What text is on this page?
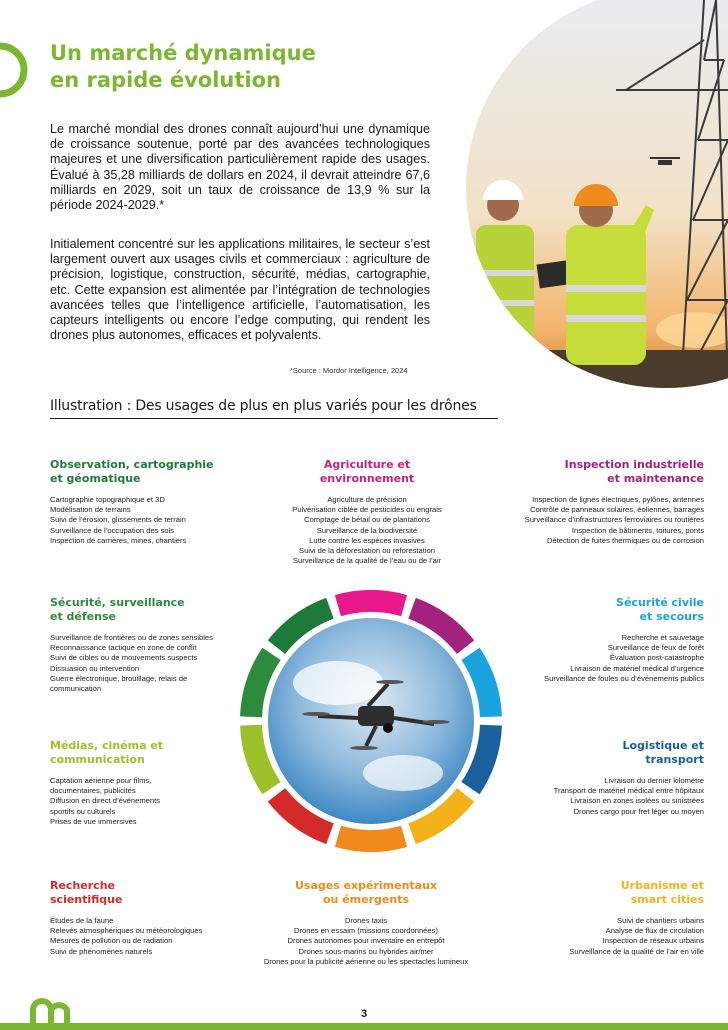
Un marché dynamique
en rapide évolution

Le marché mondial des drones connaît aujourd’hui une dynamique de croissance soutenue, porté par des avancées technologiques majeures et une diversification particulièrement rapide des usages. Évalué à 35,28 milliards de dollars en 2024, il devrait atteindre 67,6 milliards en 2029, soit un taux de croissance de 13,9 % sur la période 2024-2029.*

Initialement concentré sur les applications militaires, le secteur s’est largement ouvert aux usages civils et commerciaux : agriculture de précision, logistique, construction, sécurité, médias, cartographie, etc. Cette expansion est alimentée par l’intégration de technologies avancées telles que l’intelligence artificielle, l’automatisation, les capteurs intelligents ou encore l’edge computing, qui rendent les drones plus autonomes, efficaces et polyvalents.

*Source : Mordor Intelligence, 2024
Illustration : Des usages de plus en plus variés pour les drônes
Observation, cartographie
et géomatique
Cartographie topographique et 3D
Modélisation de terrains
Suivi de l’érosion, glissements de terrain
Surveillance de l’occupation des sols
Inspection de carrières, mines, chantiers
Agriculture et
environnement
Agriculture de précision
Pulvérisation ciblée de pesticides ou engrais
Comptage de bétail ou de plantations
Surveillance de la biodiversité
Lutte contre les espèces invasives
Suivi de la déforestation ou reforestation
Surveillance de la qualité de l’eau ou de l’air
Inspection industrielle
et maintenance
Inspection de lignes électriques, pylônes, antennes
Contrôle de panneaux solaires, éoliennes, barrages
Surveillance d’infrastructures ferroviaires ou routières
Inspection de bâtiments, toitures, ponts
Détection de fuites thermiques ou de corrosion
Sécurité, surveillance
et défense
Surveillance de frontières ou de zones sensibles
Reconnaissance tactique en zone de conflit
Suivi de cibles ou de mouvements suspects
Dissuasion ou intervention
Guerre électronique, brouillage, relais de
communication
Sécurité civile
et secours
Recherche et sauvetage
Surveillance de feux de forêt
Évaluation post-catastrophe
Livraison de matériel médical d’urgence
Surveillance de foules ou d’événements publics
Médias, cinéma et
communication
Captation aérienne pour films,
documentaires, publicités
Diffusion en direct d’événements
sportifs ou culturels
Prises de vue immersives
Logistique et
transport
Livraison du dernier kilomètre
Transport de matériel médical entre hôpitaux
Livraison en zones isolées ou sinistrées
Drones cargo pour fret léger ou moyen
Recherche
scientifique
Études de la faune
Relevés atmosphériques ou météorologiques
Mesures de pollution ou de radiation
Suivi de phénomènes naturels
Usages expérimentaux
ou émergents
Drones taxis
Drones en essaim (missions coordonnées)
Drones autonomes pour inventaire en entrepôt
Drones sous-marins ou hybrides air/mer
Drones pour la publicité aérienne ou les spectacles lumineux
Urbanisme et
smart cities
Suivi de chantiers urbains
Analyse de flux de circulation
Inspection de réseaux urbains
Surveillance de la qualité de l’air en ville
3
